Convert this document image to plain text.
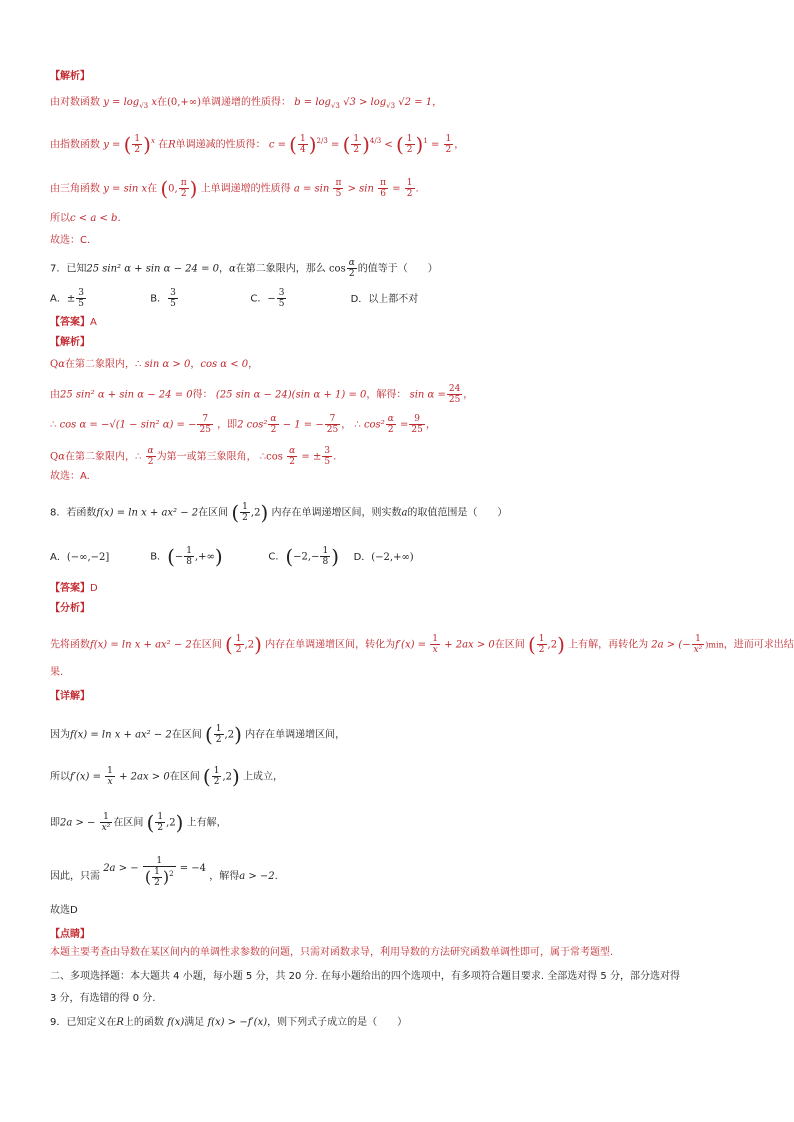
【解析】
由对数函数 $y = \log_{√3} x$在(0,+∞)单调递增的性质得： $b = \log_{√3} √3 > \log_{√3} √2 = 1$，
由指数函数 y = ( $\frac{1}{2} )^x$ 在R单调递减的性质得： c = ( $\frac{1}{4} )^{2/3}$ = ( $\frac{1}{2} )^{4/3}$ < ( $\frac{1}{2} )^1 = \frac{1}{2}$ ，
由三角函数 y = sin x在 (0, $\frac{\pi}{2}$ ) 上单调递增的性质得 $a = \sin \frac{\pi}{5} > \sin \frac{\pi}{6} = \frac{1}{2}$ .
所以c < a < b.
故选：C.
7．已知25 sin² α + sin α − 24 = 0，α在第二象限内，那么 $\cos \frac{\alpha}{2}$ 的值等于（　　）
A．± $\frac{3}{5}$	B． $\frac{3}{5}$	C．− $\frac{3}{5}$	D．以上都不对
【答案】A
【解析】
Qα在第二象限内，∴ sin α > 0，cos α < 0，
由25 sin² α + sin α − 24 = 0得： (25 sin α − 24)(sin α + 1) = 0，解得： $\sin \alpha = \frac{24}{25}$ ，
∴ cos α = −√(1 − sin² α) = − $\frac{7}{25}$ ，即2 $\cos^2 \frac{\alpha}{2} - 1$ = − $\frac{7}{25}$ ， ∴ $\cos^2 \frac{\alpha}{2} = \frac{9}{25}$ ，
Qα在第二象限内，∴ $\frac{\alpha}{2}$ 为第一或第三象限角， ∴cos $\frac{\alpha}{2}$ = ± $\frac{3}{5}$ .
故选：A.
8．若函数f(x) = ln x + ax² − 2在区间 ( $\frac{1}{2} ,2$) 内存在单调递增区间，则实数a的取值范围是（　　）
A．(−∞,−2]	B．(− $\frac{1}{8}$ ,+∞)	C．($-2,- \frac{1}{8}$ ) D．(−2,+∞)
【答案】D
【分析】
先将函数f(x) = ln x + ax² − 2在区间 ( $\frac{1}{2} ,2$) 内存在单调递增区间，转化为$f'(x) = \frac{1}{x} + 2ax > 0$在区间 ( $\frac{1}{2} ,2$) 上有解，再转化为 2a > (− $\frac{1}{\text{x²}} )\min$，进而可求出结
果.
【详解】
因为f(x) = ln x + ax² − 2在区间 ( $\frac{1}{2} ,2$) 内存在单调递增区间，
所以$f'(x) = \frac{1}{x} + 2ax > 0$在区间 ( $\frac{1}{2} ,2$) 上成立，
即2a > − $\frac{1}{\text{x²}}$ 在区间 ( $\frac{1}{2} ,2$) 上有解，
因此，只需 2a > − $\frac{1}{( \frac{1}{2} )^2} = -4$ ，解得a > −2.
故选D
【点睛】
本题主要考查由导数在某区间内的单调性求参数的问题，只需对函数求导，利用导数的方法研究函数单调性即可，属于常考题型.
二、多项选择题：本大题共 4 小题，每小题 5 分，共 20 分. 在每小题给出的四个选项中，有多项符合题目要求. 全部选对得 5 分，部分选对得
3 分，有选错的得 0 分.
9．已知定义在R上的函数 f(x)满足 f(x) > −f′(x)，则下列式子成立的是（　　）
